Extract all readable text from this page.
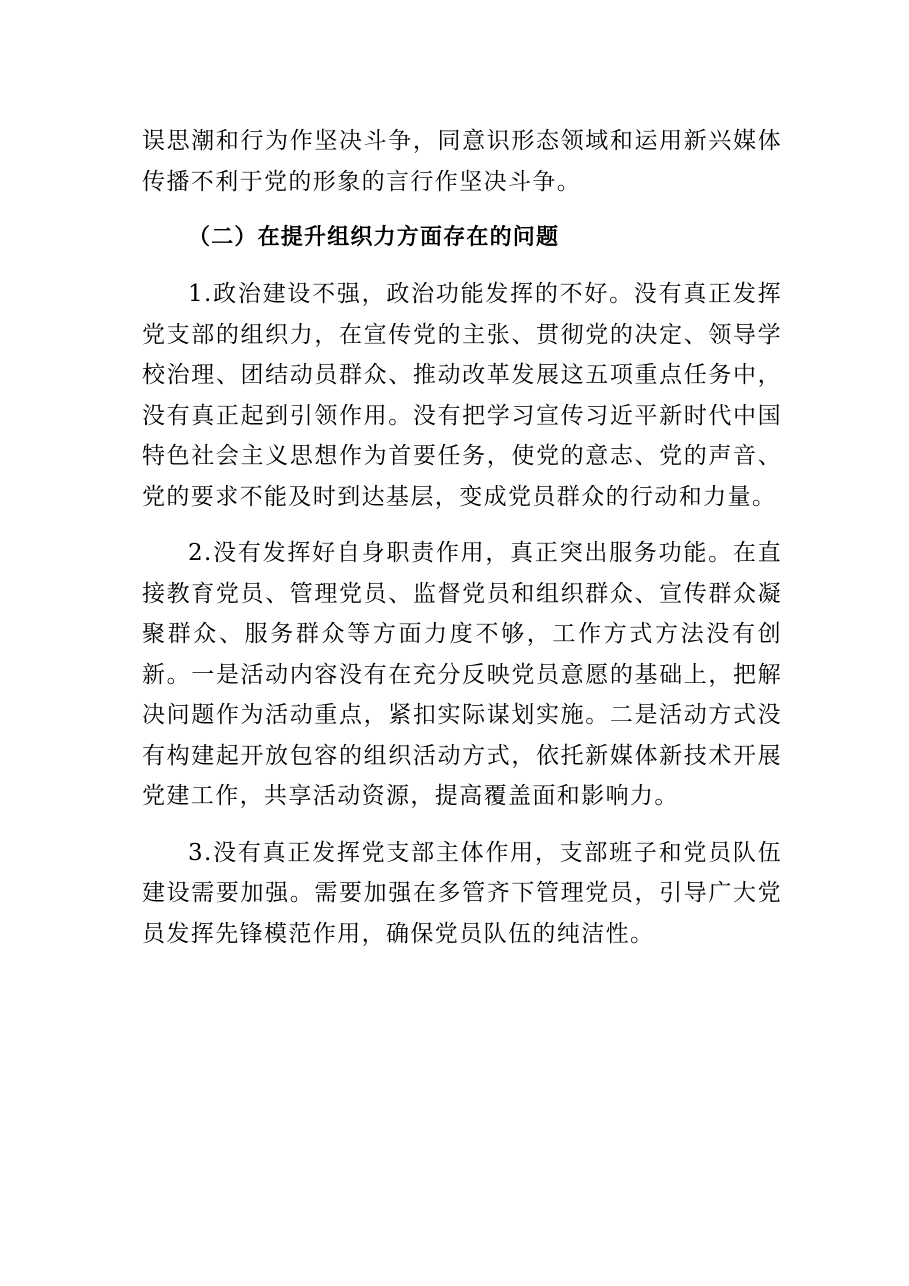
误思潮和行为作坚决斗争，同意识形态领域和运用新兴媒体传播不利于党的形象的言行作坚决斗争。

（二）在提升组织力方面存在的问题

1.政治建设不强，政治功能发挥的不好。没有真正发挥党支部的组织力，在宣传党的主张、贯彻党的决定、领导学校治理、团结动员群众、推动改革发展这五项重点任务中，没有真正起到引领作用。没有把学习宣传习近平新时代中国特色社会主义思想作为首要任务，使党的意志、党的声音、党的要求不能及时到达基层，变成党员群众的行动和力量。

2.没有发挥好自身职责作用，真正突出服务功能。在直接教育党员、管理党员、监督党员和组织群众、宣传群众凝聚群众、服务群众等方面力度不够，工作方式方法没有创新。一是活动内容没有在充分反映党员意愿的基础上，把解决问题作为活动重点，紧扣实际谋划实施。二是活动方式没有构建起开放包容的组织活动方式，依托新媒体新技术开展党建工作，共享活动资源，提高覆盖面和影响力。

3.没有真正发挥党支部主体作用，支部班子和党员队伍建设需要加强。需要加强在多管齐下管理党员，引导广大党员发挥先锋模范作用，确保党员队伍的纯洁性。
